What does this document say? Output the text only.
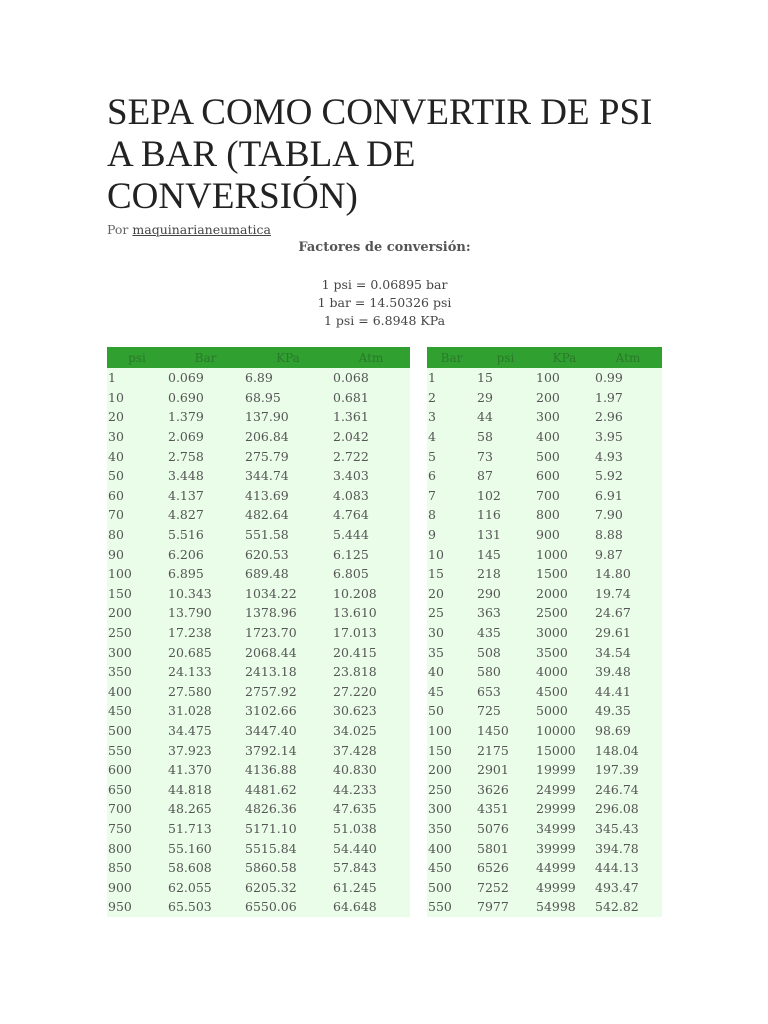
SEPA COMO CONVERTIR DE PSI A BAR (TABLA DE CONVERSIÓN)
Por maquinarianeumatica
Factores de conversión:
1 psi = 0.06895 bar
1 bar = 14.50326 psi
1 psi = 6.8948 KPa
psi	Bar	KPa	Atm
1	0.069	6.89	0.068
10	0.690	68.95	0.681
20	1.379	137.90	1.361
30	2.069	206.84	2.042
40	2.758	275.79	2.722
50	3.448	344.74	3.403
60	4.137	413.69	4.083
70	4.827	482.64	4.764
80	5.516	551.58	5.444
90	6.206	620.53	6.125
100	6.895	689.48	6.805
150	10.343	1034.22	10.208
200	13.790	1378.96	13.610
250	17.238	1723.70	17.013
300	20.685	2068.44	20.415
350	24.133	2413.18	23.818
400	27.580	2757.92	27.220
450	31.028	3102.66	30.623
500	34.475	3447.40	34.025
550	37.923	3792.14	37.428
600	41.370	4136.88	40.830
650	44.818	4481.62	44.233
700	48.265	4826.36	47.635
750	51.713	5171.10	51.038
800	55.160	5515.84	54.440
850	58.608	5860.58	57.843
900	62.055	6205.32	61.245
950	65.503	6550.06	64.648
Bar	psi	KPa	Atm
1	15	100	0.99
2	29	200	1.97
3	44	300	2.96
4	58	400	3.95
5	73	500	4.93
6	87	600	5.92
7	102	700	6.91
8	116	800	7.90
9	131	900	8.88
10	145	1000	9.87
15	218	1500	14.80
20	290	2000	19.74
25	363	2500	24.67
30	435	3000	29.61
35	508	3500	34.54
40	580	4000	39.48
45	653	4500	44.41
50	725	5000	49.35
100	1450	10000	98.69
150	2175	15000	148.04
200	2901	19999	197.39
250	3626	24999	246.74
300	4351	29999	296.08
350	5076	34999	345.43
400	5801	39999	394.78
450	6526	44999	444.13
500	7252	49999	493.47
550	7977	54998	542.82
